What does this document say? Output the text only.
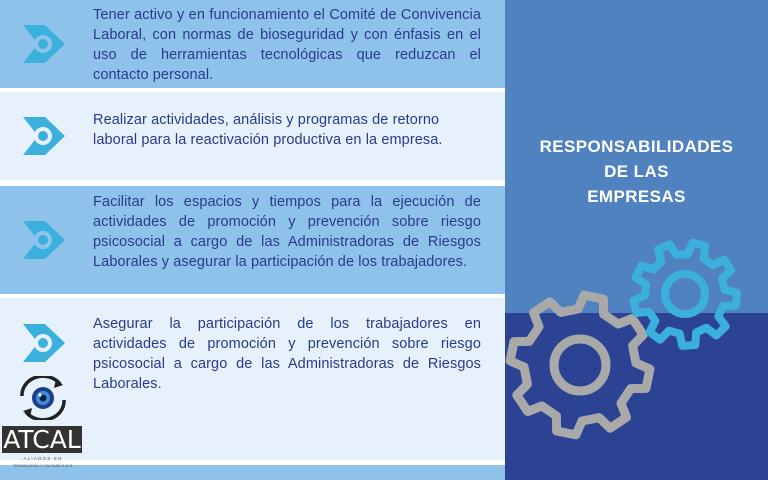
Tener activo y en funcionamiento el Comité de Convivencia Laboral, con normas de bioseguridad y con énfasis en el uso de herramientas tecnológicas que reduzcan el contacto personal.
Realizar actividades, análisis y programas de retorno laboral para la reactivación productiva en la empresa.
Facilitar los espacios y tiempos para la ejecución de actividades de promoción y prevención sobre riesgo psicosocial a cargo de las Administradoras de Riesgos Laborales y asegurar la participación de los trabajadores.
Asegurar la participación de los trabajadores en actividades de promoción y prevención sobre riesgo psicosocial a cargo de las Administradoras de Riesgos Laborales.
ATCAL
ALIADOS EN
TECNOLOGÍA Y CALIDAD S.A.S.
RESPONSABILIDADES
DE LAS
EMPRESAS
